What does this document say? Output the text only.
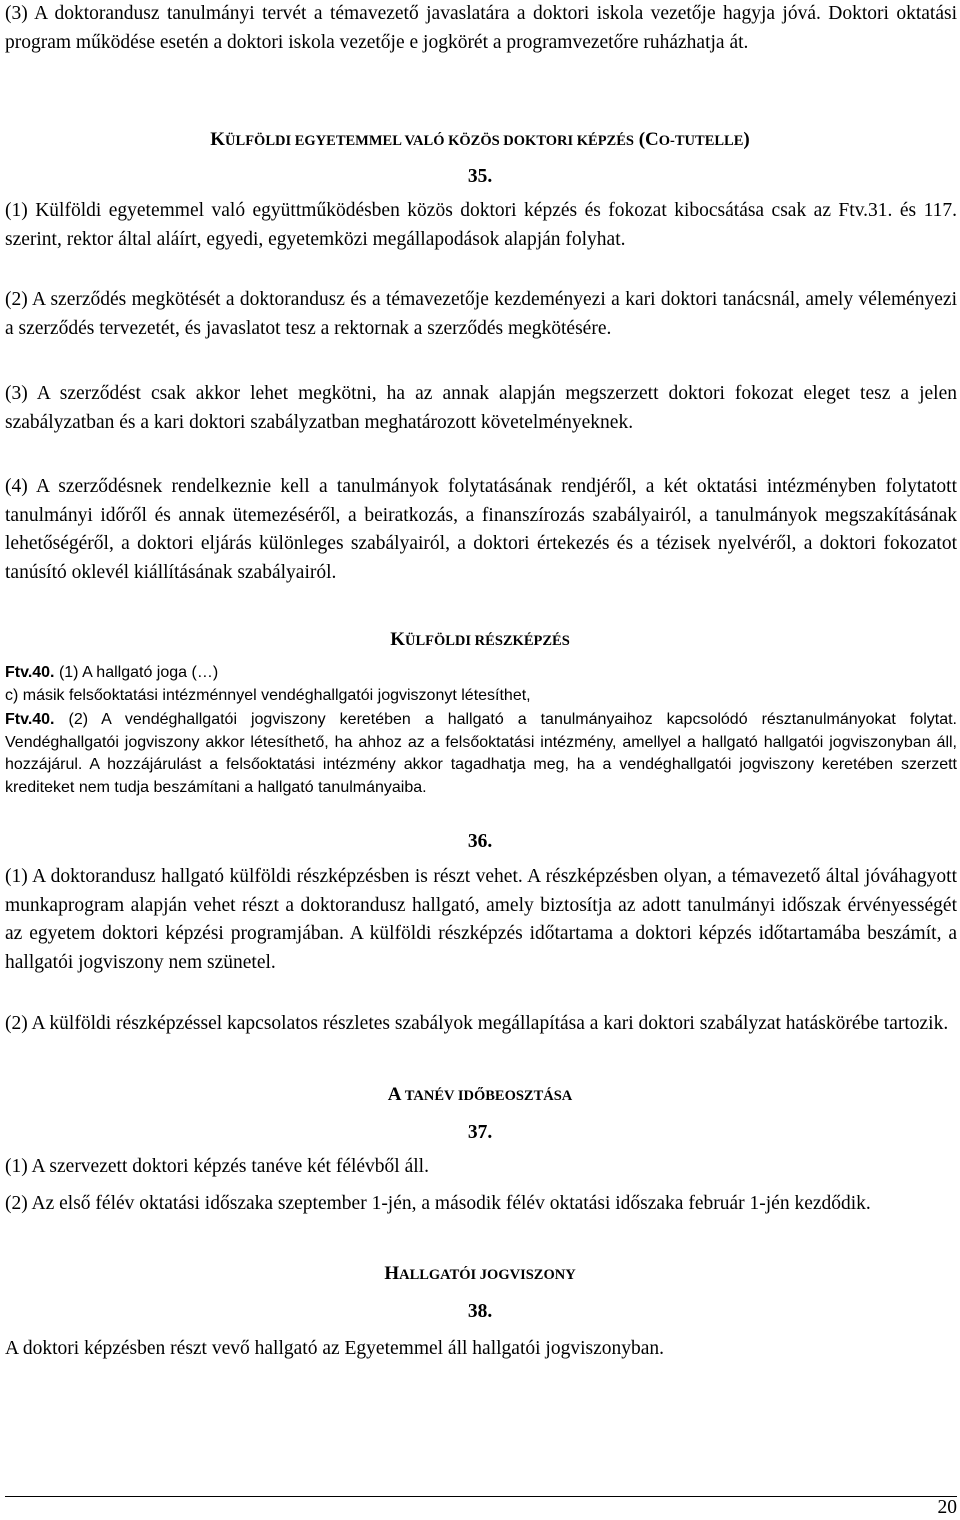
(3) A doktorandusz tanulmányi tervét a témavezető javaslatára a doktori iskola vezetője hagyja jóvá. Doktori oktatási program működése esetén a doktori iskola vezetője e jogkörét a programvezetőre ruházhatja át.

KÜLFÖLDI EGYETEMMEL VALÓ KÖZÖS DOKTORI KÉPZÉS (CO-TUTELLE)

35.

(1) Külföldi egyetemmel való együttműködésben közös doktori képzés és fokozat kibocsátása csak az Ftv.31. és 117. szerint, rektor által aláírt, egyedi, egyetemközi megállapodások alapján folyhat.

(2) A szerződés megkötését a doktorandusz és a témavezetője kezdeményezi a kari doktori tanácsnál, amely véleményezi a szerződés tervezetét, és javaslatot tesz a rektornak a szerződés megkötésére.

(3) A szerződést csak akkor lehet megkötni, ha az annak alapján megszerzett doktori fokozat eleget tesz a jelen szabályzatban és a kari doktori szabályzatban meghatározott követelményeknek.

(4) A szerződésnek rendelkeznie kell a tanulmányok folytatásának rendjéről, a két oktatási intézményben folytatott tanulmányi időről és annak ütemezéséről, a beiratkozás, a finanszírozás szabályairól, a tanulmányok megszakításának lehetőségéről, a doktori eljárás különleges szabályairól, a doktori értekezés és a tézisek nyelvéről, a doktori fokozatot tanúsító oklevél kiállításának szabályairól.

KÜLFÖLDI RÉSZKÉPZÉS

Ftv.40. (1) A hallgató joga (…)

c) másik felsőoktatási intézménnyel vendéghallgatói jogviszonyt létesíthet,

Ftv.40. (2) A vendéghallgatói jogviszony keretében a hallgató a tanulmányaihoz kapcsolódó résztanulmányokat folytat. Vendéghallgatói jogviszony akkor létesíthető, ha ahhoz az a felsőoktatási intézmény, amellyel a hallgató hallgatói jogviszonyban áll, hozzájárul. A hozzájárulást a felsőoktatási intézmény akkor tagadhatja meg, ha a vendéghallgatói jogviszony keretében szerzett krediteket nem tudja beszámítani a hallgató tanulmányaiba.

36.

(1) A doktorandusz hallgató külföldi részképzésben is részt vehet. A részképzésben olyan, a témavezető által jóváhagyott munkaprogram alapján vehet részt a doktorandusz hallgató, amely biztosítja az adott tanulmányi időszak érvényességét az egyetem doktori képzési programjában. A külföldi részképzés időtartama a doktori képzés időtartamába beszámít, a hallgatói jogviszony nem szünetel.

(2) A külföldi részképzéssel kapcsolatos részletes szabályok megállapítása a kari doktori szabályzat hatáskörébe tartozik.

A TANÉV IDŐBEOSZTÁSA

37.

(1) A szervezett doktori képzés tanéve két félévből áll.

(2) Az első félév oktatási időszaka szeptember 1-jén, a második félév oktatási időszaka február 1-jén kezdődik.

HALLGATÓI JOGVISZONY

38.

A doktori képzésben részt vevő hallgató az Egyetemmel áll hallgatói jogviszonyban.

20
